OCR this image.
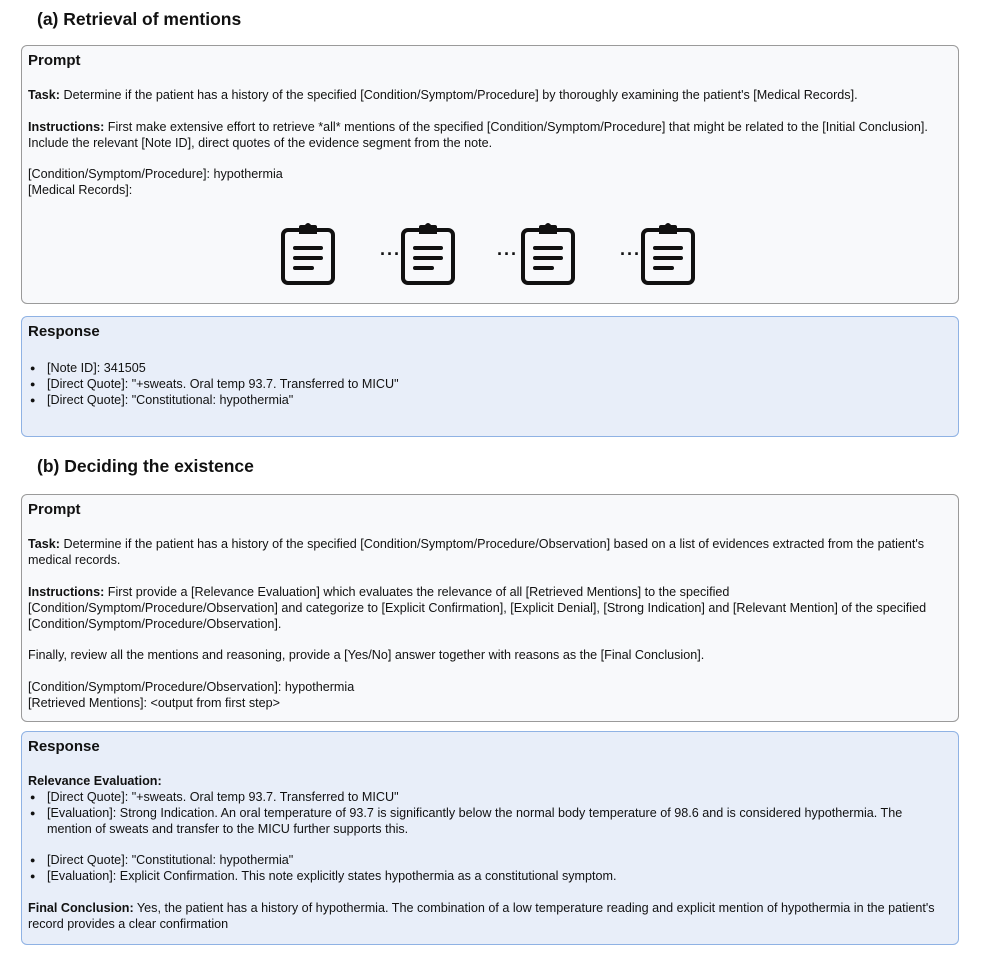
(a) Retrieval of mentions
Prompt

Task: Determine if the patient has a history of the specified [Condition/Symptom/Procedure] by thoroughly examining the patient's [Medical Records].

Instructions: First make extensive effort to retrieve *all* mentions of the specified [Condition/Symptom/Procedure] that might be related to the [Initial Conclusion]. Include the relevant [Note ID], direct quotes of the evidence segment from the note.

[Condition/Symptom/Procedure]: hypothermia

[Medical Records]:

···	···	···
Response
● [Note ID]: 341505
● [Direct Quote]: "+sweats. Oral temp 93.7. Transferred to MICU"
● [Direct Quote]: "Constitutional: hypothermia"
(b) Deciding the existence
Prompt

Task: Determine if the patient has a history of the specified [Condition/Symptom/Procedure/Observation] based on a list of evidences extracted from the patient's medical records.

Instructions: First provide a [Relevance Evaluation] which evaluates the relevance of all [Retrieved Mentions] to the specified [Condition/Symptom/Procedure/Observation] and categorize to [Explicit Confirmation], [Explicit Denial], [Strong Indication] and [Relevant Mention] of the specified [Condition/Symptom/Procedure/Observation].

Finally, review all the mentions and reasoning, provide a [Yes/No] answer together with reasons as the [Final Conclusion].

[Condition/Symptom/Procedure/Observation]: hypothermia

[Retrieved Mentions]: <output from first step>

Response

Relevance Evaluation:

● [Direct Quote]: "+sweats. Oral temp 93.7. Transferred to MICU"
● [Evaluation]: Strong Indication. An oral temperature of 93.7 is significantly below the normal body temperature of 98.6 and is considered hypothermia. The mention of sweats and transfer to the MICU further supports this.
● [Direct Quote]: "Constitutional: hypothermia"
● [Evaluation]: Explicit Confirmation. This note explicitly states hypothermia as a constitutional symptom.

Final Conclusion: Yes, the patient has a history of hypothermia. The combination of a low temperature reading and explicit mention of hypothermia in the patient's record provides a clear confirmation
